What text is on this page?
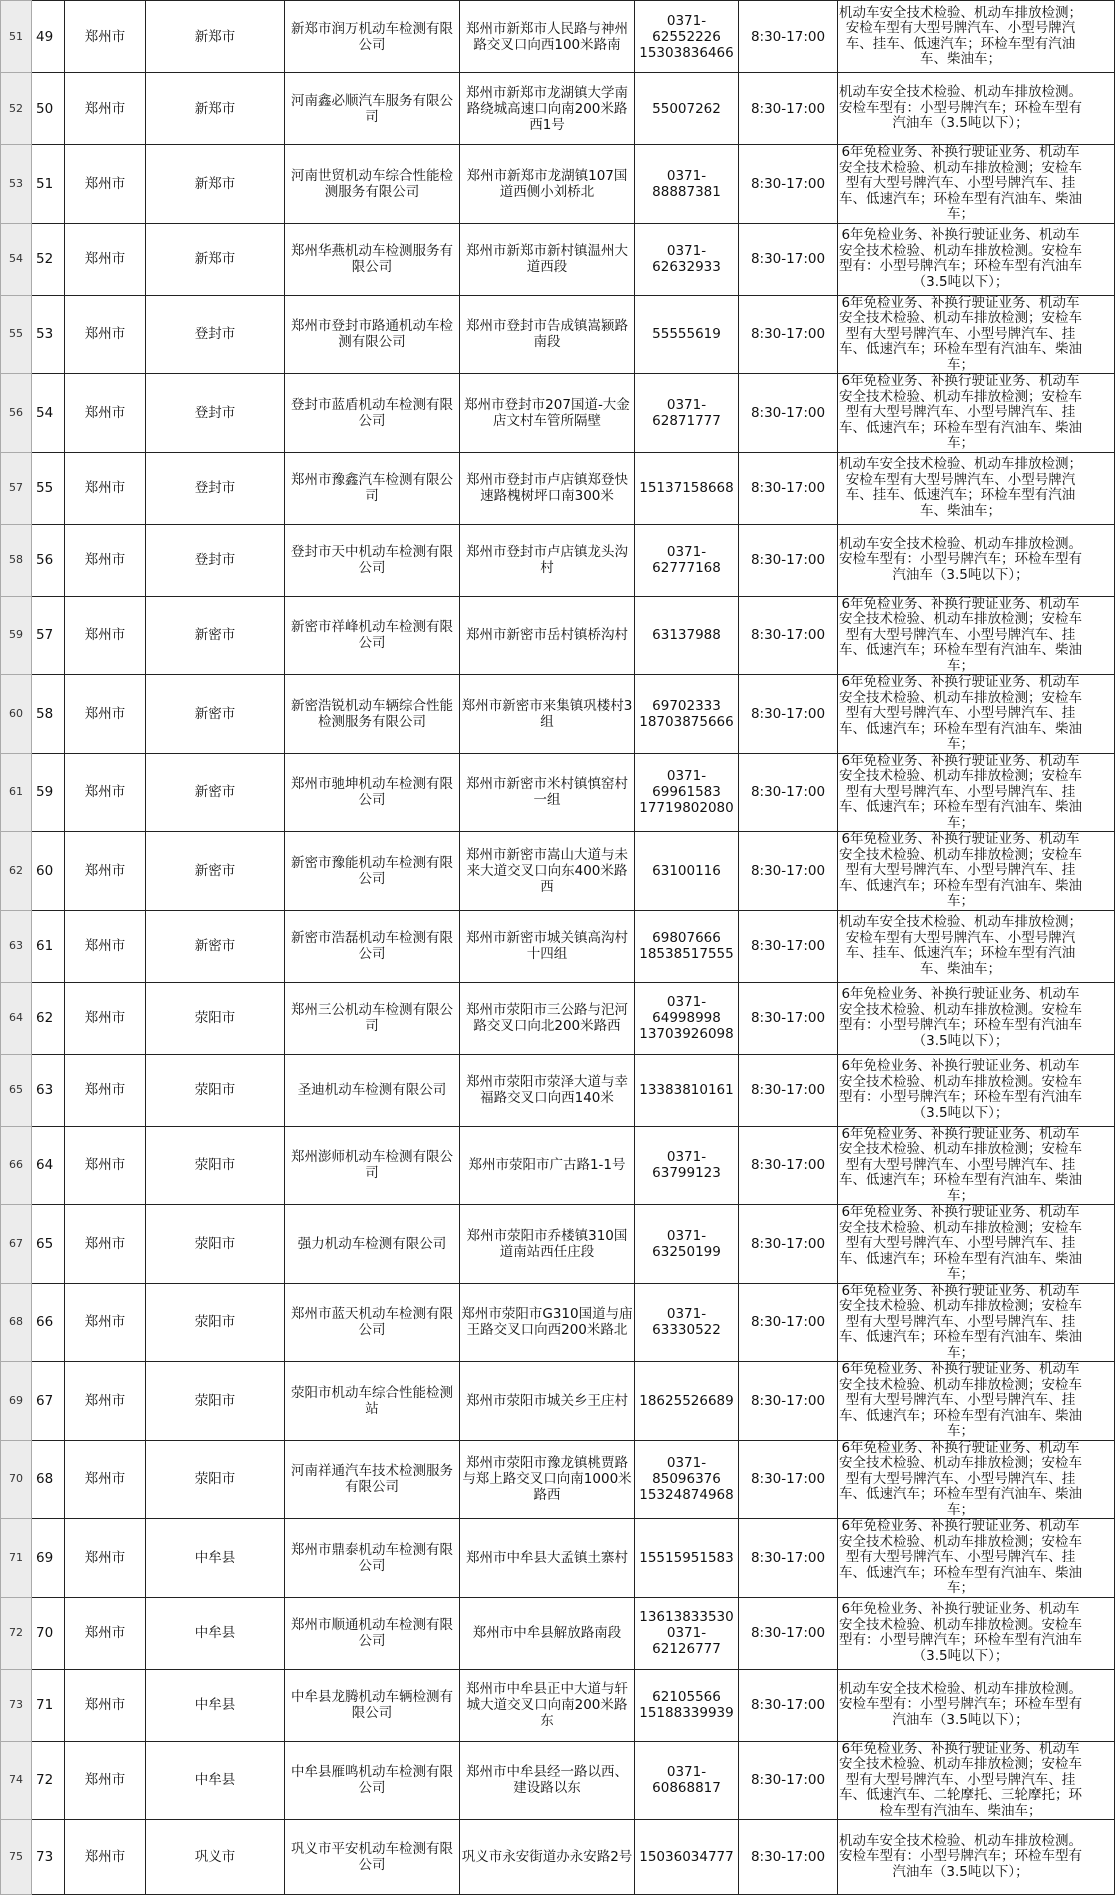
51	49	郑州市	新郑市	新郑市润万机动车检测有限公司	郑州市新郑市人民路与神州路交叉口向西100米路南	0371-62552226 15303836466	8:30-17:00	机动车安全技术检验、机动车排放检测；安检车型有大型号牌汽车、小型号牌汽车、挂车、低速汽车；环检车型有汽油车、柴油车；

52	50	郑州市	新郑市	河南鑫必顺汽车服务有限公司	郑州市新郑市龙湖镇大学南路绕城高速口向南200米路西1号	55007262	8:30-17:00	机动车安全技术检验、机动车排放检测。安检车型有：小型号牌汽车；环检车型有汽油车（3.5吨以下）；

53	51	郑州市	新郑市	河南世贸机动车综合性能检测服务有限公司	郑州市新郑市龙湖镇107国道西侧小刘桥北	0371-88887381	8:30-17:00	6年免检业务、补换行驶证业务、机动车安全技术检验、机动车排放检测；安检车型有大型号牌汽车、小型号牌汽车、挂车、低速汽车；环检车型有汽油车、柴油车；

54	52	郑州市	新郑市	郑州华燕机动车检测服务有限公司	郑州市新郑市新村镇温州大道西段	0371-62632933	8:30-17:00	6年免检业务、补换行驶证业务、机动车安全技术检验、机动车排放检测。安检车型有：小型号牌汽车；环检车型有汽油车（3.5吨以下）；

55	53	郑州市	登封市	郑州市登封市路通机动车检测有限公司	郑州市登封市告成镇嵩颍路南段	55555619	8:30-17:00	6年免检业务、补换行驶证业务、机动车安全技术检验、机动车排放检测；安检车型有大型号牌汽车、小型号牌汽车、挂车、低速汽车；环检车型有汽油车、柴油车；

56	54	郑州市	登封市	登封市蓝盾机动车检测有限公司	郑州市登封市207国道-大金店文村车管所隔壁	0371-62871777	8:30-17:00	6年免检业务、补换行驶证业务、机动车安全技术检验、机动车排放检测；安检车型有大型号牌汽车、小型号牌汽车、挂车、低速汽车；环检车型有汽油车、柴油车；

57	55	郑州市	登封市	郑州市豫鑫汽车检测有限公司	郑州市登封市卢店镇郑登快速路槐树坪口南300米	15137158668	8:30-17:00	机动车安全技术检验、机动车排放检测；安检车型有大型号牌汽车、小型号牌汽车、挂车、低速汽车；环检车型有汽油车、柴油车；

58	56	郑州市	登封市	登封市天中机动车检测有限公司	郑州市登封市卢店镇龙头沟村	0371-62777168	8:30-17:00	机动车安全技术检验、机动车排放检测。安检车型有：小型号牌汽车；环检车型有汽油车（3.5吨以下）；

59	57	郑州市	新密市	新密市祥峰机动车检测有限公司	郑州市新密市岳村镇桥沟村	63137988	8:30-17:00	6年免检业务、补换行驶证业务、机动车安全技术检验、机动车排放检测；安检车型有大型号牌汽车、小型号牌汽车、挂车、低速汽车；环检车型有汽油车、柴油车；

60	58	郑州市	新密市	新密浩锐机动车辆综合性能检测服务有限公司	郑州市新密市来集镇巩楼村3组	69702333 18703875666	8:30-17:00	6年免检业务、补换行驶证业务、机动车安全技术检验、机动车排放检测；安检车型有大型号牌汽车、小型号牌汽车、挂车、低速汽车；环检车型有汽油车、柴油车；

61	59	郑州市	新密市	郑州市驰坤机动车检测有限公司	郑州市新密市米村镇慎窑村一组	0371-69961583 17719802080	8:30-17:00	6年免检业务、补换行驶证业务、机动车安全技术检验、机动车排放检测；安检车型有大型号牌汽车、小型号牌汽车、挂车、低速汽车；环检车型有汽油车、柴油车；

62	60	郑州市	新密市	新密市豫能机动车检测有限公司	郑州市新密市嵩山大道与未来大道交叉口向东400米路西	63100116	8:30-17:00	6年免检业务、补换行驶证业务、机动车安全技术检验、机动车排放检测；安检车型有大型号牌汽车、小型号牌汽车、挂车、低速汽车；环检车型有汽油车、柴油车；

63	61	郑州市	新密市	新密市浩磊机动车检测有限公司	郑州市新密市城关镇高沟村十四组	69807666 18538517555	8:30-17:00	机动车安全技术检验、机动车排放检测；安检车型有大型号牌汽车、小型号牌汽车、挂车、低速汽车；环检车型有汽油车、柴油车；

64	62	郑州市	荥阳市	郑州三公机动车检测有限公司	郑州市荥阳市三公路与汜河路交叉口向北200米路西	0371-64998998 13703926098	8:30-17:00	6年免检业务、补换行驶证业务、机动车安全技术检验、机动车排放检测。安检车型有：小型号牌汽车；环检车型有汽油车（3.5吨以下）；

65	63	郑州市	荥阳市	圣迪机动车检测有限公司	郑州市荥阳市荥泽大道与幸福路交叉口向西140米	13383810161	8:30-17:00	6年免检业务、补换行驶证业务、机动车安全技术检验、机动车排放检测。安检车型有：小型号牌汽车；环检车型有汽油车（3.5吨以下）；

66	64	郑州市	荥阳市	郑州澎师机动车检测有限公司	郑州市荥阳市广古路1-1号	0371-63799123	8:30-17:00	6年免检业务、补换行驶证业务、机动车安全技术检验、机动车排放检测；安检车型有大型号牌汽车、小型号牌汽车、挂车、低速汽车；环检车型有汽油车、柴油车；

67	65	郑州市	荥阳市	强力机动车检测有限公司	郑州市荥阳市乔楼镇310国道南站西任庄段	0371-63250199	8:30-17:00	6年免检业务、补换行驶证业务、机动车安全技术检验、机动车排放检测；安检车型有大型号牌汽车、小型号牌汽车、挂车、低速汽车；环检车型有汽油车、柴油车；

68	66	郑州市	荥阳市	郑州市蓝天机动车检测有限公司	郑州市荥阳市G310国道与庙王路交叉口向西200米路北	0371-63330522	8:30-17:00	6年免检业务、补换行驶证业务、机动车安全技术检验、机动车排放检测；安检车型有大型号牌汽车、小型号牌汽车、挂车、低速汽车；环检车型有汽油车、柴油车；

69	67	郑州市	荥阳市	荥阳市机动车综合性能检测站	郑州市荥阳市城关乡王庄村	18625526689	8:30-17:00	6年免检业务、补换行驶证业务、机动车安全技术检验、机动车排放检测；安检车型有大型号牌汽车、小型号牌汽车、挂车、低速汽车；环检车型有汽油车、柴油车；

70	68	郑州市	荥阳市	河南祥通汽车技术检测服务有限公司	郑州市荥阳市豫龙镇桃贾路与郑上路交叉口向南1000米路西	0371-85096376 15324874968	8:30-17:00	6年免检业务、补换行驶证业务、机动车安全技术检验、机动车排放检测；安检车型有大型号牌汽车、小型号牌汽车、挂车、低速汽车；环检车型有汽油车、柴油车；

71	69	郑州市	中牟县	郑州市鼎泰机动车检测有限公司	郑州市中牟县大孟镇土寨村	15515951583	8:30-17:00	6年免检业务、补换行驶证业务、机动车安全技术检验、机动车排放检测；安检车型有大型号牌汽车、小型号牌汽车、挂车、低速汽车；环检车型有汽油车、柴油车；

72	70	郑州市	中牟县	郑州市顺通机动车检测有限公司	郑州市中牟县解放路南段	13613833530 0371-62126777	8:30-17:00	6年免检业务、补换行驶证业务、机动车安全技术检验、机动车排放检测。安检车型有：小型号牌汽车；环检车型有汽油车（3.5吨以下）；

73	71	郑州市	中牟县	中牟县龙腾机动车辆检测有限公司	郑州市中牟县正中大道与轩城大道交叉口向南200米路东	62105566 15188339939	8:30-17:00	机动车安全技术检验、机动车排放检测。安检车型有：小型号牌汽车；环检车型有汽油车（3.5吨以下）；

74	72	郑州市	中牟县	中牟县雁鸣机动车检测有限公司	郑州市中牟县经一路以西、建设路以东	0371-60868817	8:30-17:00	6年免检业务、补换行驶证业务、机动车安全技术检验、机动车排放检测；安检车型有大型号牌汽车、小型号牌汽车、挂车、低速汽车、二轮摩托、三轮摩托；环检车型有汽油车、柴油车；

75	73	郑州市	巩义市	巩义市平安机动车检测有限公司	巩义市永安街道办永安路2号	15036034777	8:30-17:00	机动车安全技术检验、机动车排放检测。安检车型有：小型号牌汽车；环检车型有汽油车（3.5吨以下）；
